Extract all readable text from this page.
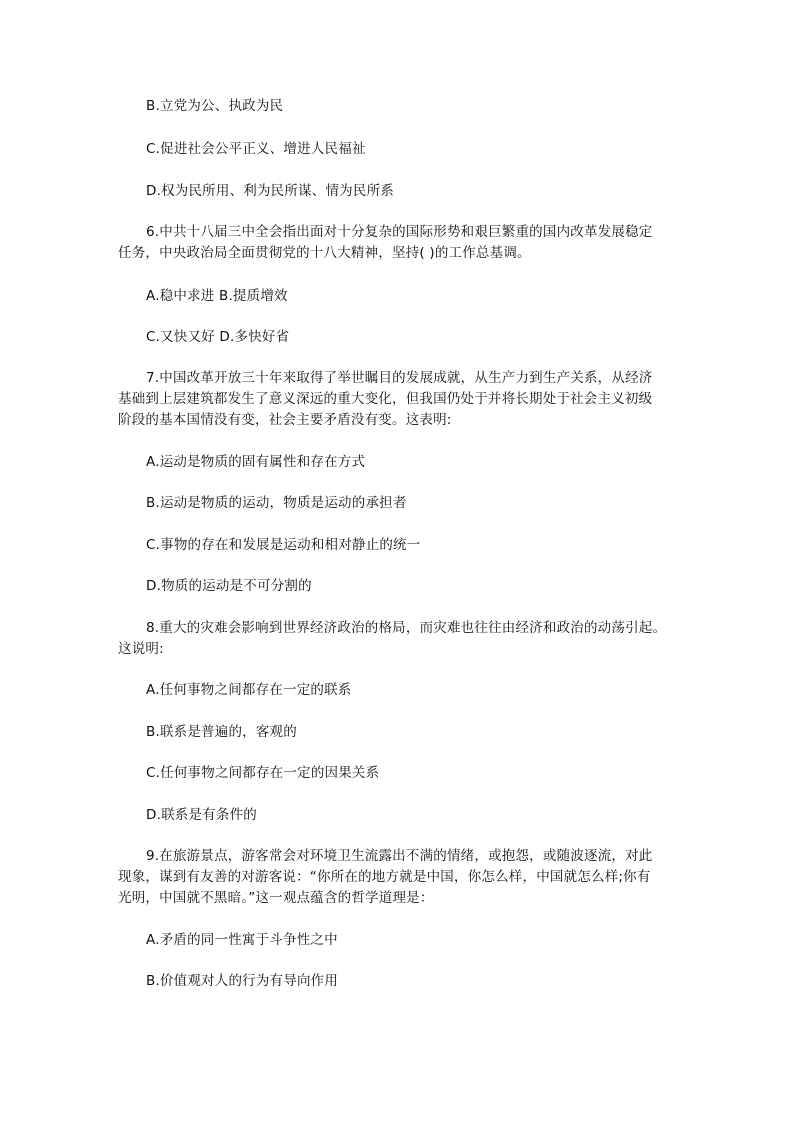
B.立党为公、执政为民
C.促进社会公平正义、增进人民福祉
D.权为民所用、利为民所谋、情为民所系
6.中共十八届三中全会指出面对十分复杂的国际形势和艰巨繁重的国内改革发展稳定
任务，中央政治局全面贯彻党的十八大精神，坚持( )的工作总基调。
A.稳中求进 B.提质增效
C.又快又好 D.多快好省
7.中国改革开放三十年来取得了举世瞩目的发展成就，从生产力到生产关系，从经济
基础到上层建筑都发生了意义深远的重大变化，但我国仍处于并将长期处于社会主义初级
阶段的基本国情没有变，社会主要矛盾没有变。这表明:
A.运动是物质的固有属性和存在方式
B.运动是物质的运动，物质是运动的承担者
C.事物的存在和发展是运动和相对静止的统一
D.物质的运动是不可分割的
8.重大的灾难会影响到世界经济政治的格局，而灾难也往往由经济和政治的动荡引起。
这说明:
A.任何事物之间都存在一定的联系
B.联系是普遍的，客观的
C.任何事物之间都存在一定的因果关系
D.联系是有条件的
9.在旅游景点，游客常会对环境卫生流露出不满的情绪，或抱怨，或随波逐流，对此
现象，谋到有友善的对游客说：“你所在的地方就是中国，你怎么样，中国就怎么样;你有
光明，中国就不黑暗。”这一观点蕴含的哲学道理是：
A.矛盾的同一性寓于斗争性之中
B.价值观对人的行为有导向作用
